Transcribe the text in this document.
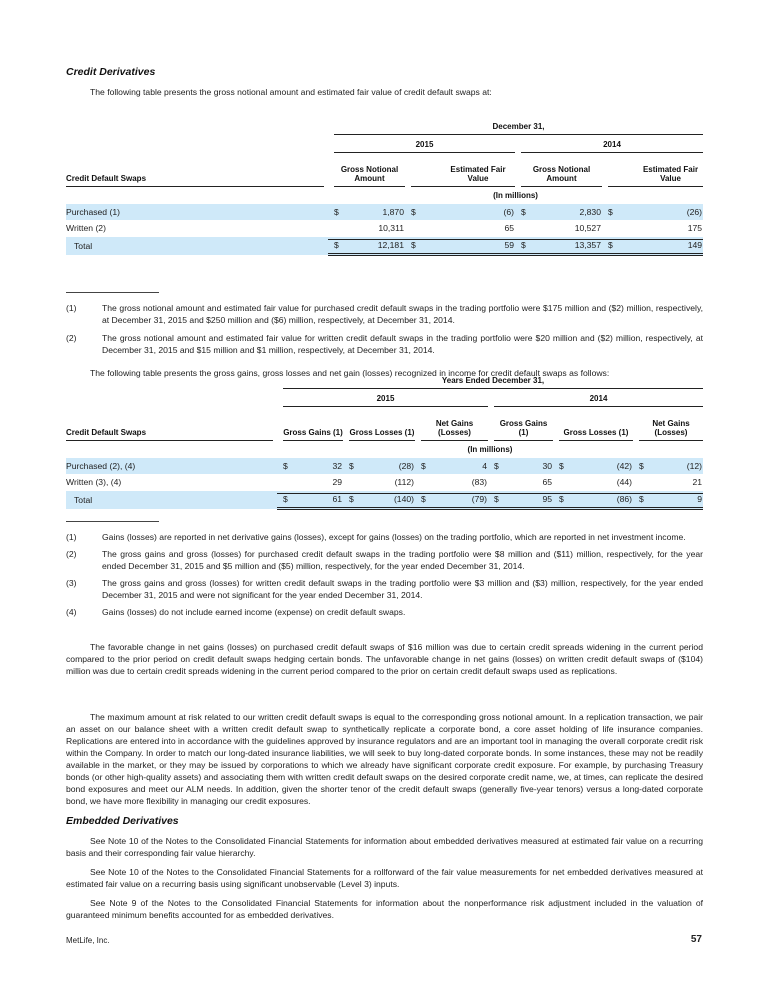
Credit Derivatives

The following table presents the gross notional amount and estimated fair value of credit default swaps at:

	December 31,			

	2015		2014	

Credit Default Swaps	Gross Notional Amount	Estimated Fair Value	Gross Notional Amount	Estimated Fair Value

	(In millions)			
Purchased (1)	$ 1,870	$ (6)	$ 2,830	$ (26)

Written (2)	10,311	65	10,527	175

Total	$ 12,181	$ 59	$ 13,357	$ 149
(1)	The gross notional amount and estimated fair value for purchased credit default swaps in the trading portfolio were $175 million and ($2) million, respectively, at December 31, 2015 and $250 million and ($6) million, respectively, at December 31, 2014.
(2)	The gross notional amount and estimated fair value for written credit default swaps in the trading portfolio were $20 million and ($2) million, respectively, at December 31, 2015 and $15 million and $1 million, respectively, at December 31, 2014.

The following table presents the gross gains, gross losses and net gain (losses) recognized in income for credit default swaps as follows:

	Years Ended December 31,					

	2015			2014		

Credit Default Swaps	Gross Gains (1)	Gross Losses (1)	Net Gains (Losses)	Gross Gains (1)	Gross Losses (1)	Net Gains (Losses)

	(In millions)					
Purchased (2), (4)	$ 32	$ (28)	$ 4	$ 30	$ (42)	$ (12)

Written (3), (4)	29	(112)	(83)	65	(44)	21

Total	$ 61	$ (140)	$ (79)	$ 95	$ (86)	$ 9
(1)	Gains (losses) are reported in net derivative gains (losses), except for gains (losses) on the trading portfolio, which are reported in net investment income.
(2)	The gross gains and gross (losses) for purchased credit default swaps in the trading portfolio were $8 million and ($11) million, respectively, for the year ended December 31, 2015 and $5 million and ($5) million, respectively, for the year ended December 31, 2014.
(3)	The gross gains and gross (losses) for written credit default swaps in the trading portfolio were $3 million and ($3) million, respectively, for the year ended December 31, 2015 and were not significant for the year ended December 31, 2014.
(4)	Gains (losses) do not include earned income (expense) on credit default swaps.

The favorable change in net gains (losses) on purchased credit default swaps of $16 million was due to certain credit spreads widening in the current period compared to the prior period on credit default swaps hedging certain bonds. The unfavorable change in net gains (losses) on written credit default swaps of ($104) million was due to certain credit spreads widening in the current period compared to the prior on certain credit default swaps used as replications.

The maximum amount at risk related to our written credit default swaps is equal to the corresponding gross notional amount. In a replication transaction, we pair an asset on our balance sheet with a written credit default swap to synthetically replicate a corporate bond, a core asset holding of life insurance companies. Replications are entered into in accordance with the guidelines approved by insurance regulators and are an important tool in managing the overall corporate credit risk within the Company. In order to match our long-dated insurance liabilities, we will seek to buy long-dated corporate bonds. In some instances, these may not be readily available in the market, or they may be issued by corporations to which we already have significant corporate credit exposure. For example, by purchasing Treasury bonds (or other high-quality assets) and associating them with written credit default swaps on the desired corporate credit name, we, at times, can replicate the desired bond exposures and meet our ALM needs. In addition, given the shorter tenor of the credit default swaps (generally five-year tenors) versus a long-dated corporate bond, we have more flexibility in managing our credit exposures.

Embedded Derivatives

See Note 10 of the Notes to the Consolidated Financial Statements for information about embedded derivatives measured at estimated fair value on a recurring basis and their corresponding fair value hierarchy.

See Note 10 of the Notes to the Consolidated Financial Statements for a rollforward of the fair value measurements for net embedded derivatives measured at estimated fair value on a recurring basis using significant unobservable (Level 3) inputs.

See Note 9 of the Notes to the Consolidated Financial Statements for information about the nonperformance risk adjustment included in the valuation of guaranteed minimum benefits accounted for as embedded derivatives.

MetLife, Inc.	57
